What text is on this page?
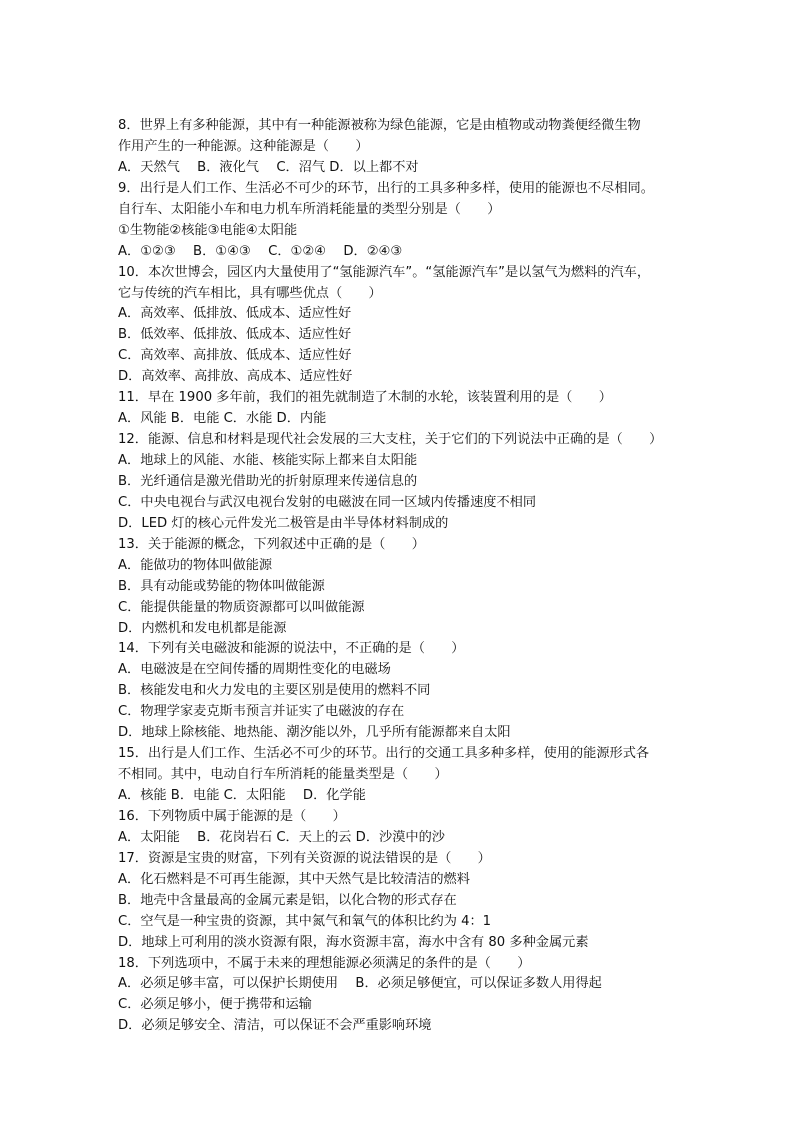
8．世界上有多种能源，其中有一种能源被称为绿色能源，它是由植物或动物粪便经微生物
作用产生的一种能源。这种能源是（　　）
A．天然气　 B．液化气　 C．沼气 D．以上都不对
9．出行是人们工作、生活必不可少的环节，出行的工具多种多样，使用的能源也不尽相同。
自行车、太阳能小车和电力机车所消耗能量的类型分别是（　　）
①生物能②核能③电能④太阳能
A．①②③　 B．①④③　 C．①②④　 D．②④③
10．本次世博会，园区内大量使用了“氢能源汽车”。“氢能源汽车”是以氢气为燃料的汽车，
它与传统的汽车相比，具有哪些优点（　　）
A．高效率、低排放、低成本、适应性好
B．低效率、低排放、低成本、适应性好
C．高效率、高排放、低成本、适应性好
D．高效率、高排放、高成本、适应性好
11．早在 1900 多年前，我们的祖先就制造了木制的水轮，该装置利用的是（　　）
A．风能 B．电能 C．水能 D．内能
12．能源、信息和材料是现代社会发展的三大支柱，关于它们的下列说法中正确的是（　　）
A．地球上的风能、水能、核能实际上都来自太阳能
B．光纤通信是激光借助光的折射原理来传递信息的
C．中央电视台与武汉电视台发射的电磁波在同一区域内传播速度不相同
D．LED 灯的核心元件发光二极管是由半导体材料制成的
13．关于能源的概念，下列叙述中正确的是（　　）
A．能做功的物体叫做能源
B．具有动能或势能的物体叫做能源
C．能提供能量的物质资源都可以叫做能源
D．内燃机和发电机都是能源
14．下列有关电磁波和能源的说法中，不正确的是（　　）
A．电磁波是在空间传播的周期性变化的电磁场
B．核能发电和火力发电的主要区别是使用的燃料不同
C．物理学家麦克斯韦预言并证实了电磁波的存在
D．地球上除核能、地热能、潮汐能以外，几乎所有能源都来自太阳
15．出行是人们工作、生活必不可少的环节。出行的交通工具多种多样，使用的能源形式各
不相同。其中，电动自行车所消耗的能量类型是（　　）
A．核能 B．电能 C．太阳能　 D．化学能
16．下列物质中属于能源的是（　　）
A．太阳能　 B．花岗岩石 C．天上的云 D．沙漠中的沙
17．资源是宝贵的财富，下列有关资源的说法错误的是（　　）
A．化石燃料是不可再生能源，其中天然气是比较清洁的燃料
B．地壳中含量最高的金属元素是铝，以化合物的形式存在
C．空气是一种宝贵的资源，其中氮气和氧气的体积比约为 4：1
D．地球上可利用的淡水资源有限，海水资源丰富，海水中含有 80 多种金属元素
18．下列选项中，不属于未来的理想能源必须满足的条件的是（　　）
A．必须足够丰富，可以保护长期使用　 B．必须足够便宜，可以保证多数人用得起
C．必须足够小，便于携带和运输
D．必须足够安全、清洁，可以保证不会严重影响环境
